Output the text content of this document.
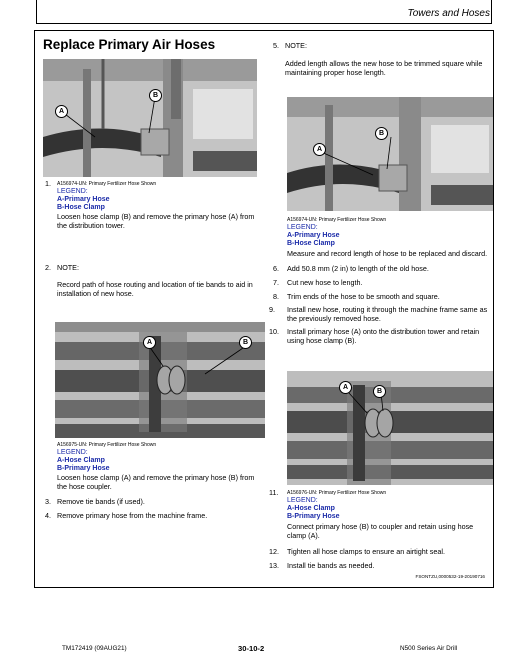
Towers and Hoses
Replace Primary Air Hoses
A
B
1. A156974-UN: Primary Fertilizer Hose Shown
LEGEND:
A-Primary Hose
B-Hose Clamp
Loosen hose clamp (B) and remove the primary hose (A) from the distribution tower.
2. NOTE:
Record path of hose routing and location of tie bands to aid in installation of new hose.
A	B
A156975-UN: Primary Fertilizer Hose Shown
LEGEND:
A-Hose Clamp
B-Primary Hose
Loosen hose clamp (A) and remove the primary hose (B) from the hose coupler.
3. Remove tie bands (if used).
4. Remove primary hose from the machine frame.
5. NOTE:
Added length allows the new hose to be trimmed square while maintaining proper hose length.
A
B
A156974-UN: Primary Fertilizer Hose Shown
LEGEND:
A-Primary Hose
B-Hose Clamp
Measure and record length of hose to be replaced and discard.
6. Add 50.8 mm (2 in) to length of the old hose.
7. Cut new hose to length.
8. Trim ends of the hose to be smooth and square.
9. Install new hose, routing it through the machine frame same as the previously removed hose.
10. Install primary hose (A) onto the distribution tower and retain using hose clamp (B).
A
B
11. A156976-UN: Primary Fertilizer Hose Shown
LEGEND:
A-Hose Clamp
B-Primary Hose
Connect primary hose (B) to coupler and retain using hose clamp (A).
12. Tighten all hose clamps to ensure an airtight seal.
13. Install tie bands as needed.
FSONTZU,0000532-19-20190716
TM172419 (09AUG21)	30-10-2	N500 Series Air Drill
